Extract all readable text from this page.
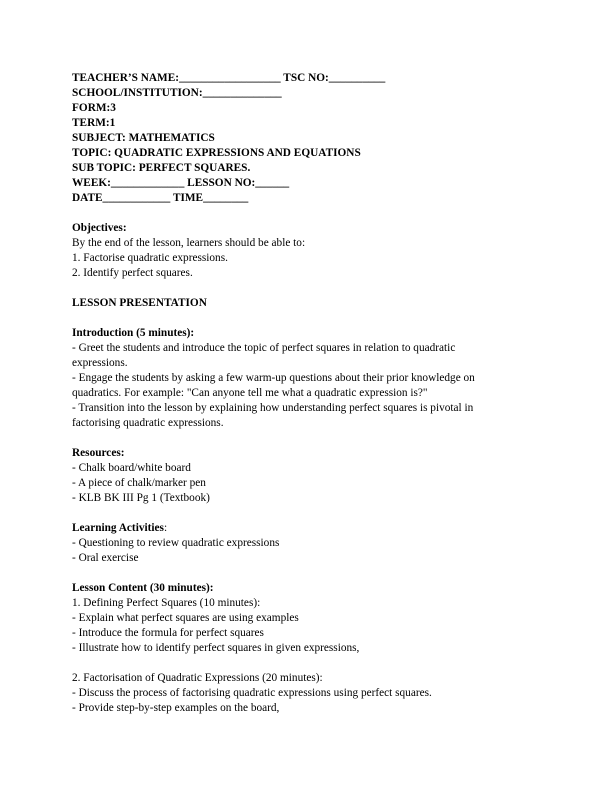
TEACHER’S NAME:__________________ TSC NO:__________
SCHOOL/INSTITUTION:______________
FORM:3
TERM:1
SUBJECT: MATHEMATICS
TOPIC: QUADRATIC EXPRESSIONS AND EQUATIONS
SUB TOPIC: PERFECT SQUARES.
WEEK:_____________ LESSON NO:______
DATE____________ TIME________
Objectives:
By the end of the lesson, learners should be able to:
1. Factorise quadratic expressions.
2. Identify perfect squares.
LESSON PRESENTATION
Introduction (5 minutes):
- Greet the students and introduce the topic of perfect squares in relation to quadratic
expressions.
- Engage the students by asking a few warm-up questions about their prior knowledge on
quadratics. For example: "Can anyone tell me what a quadratic expression is?"
- Transition into the lesson by explaining how understanding perfect squares is pivotal in
factorising quadratic expressions.
Resources:
- Chalk board/white board
- A piece of chalk/marker pen
- KLB BK III Pg 1 (Textbook)
Learning Activities:
- Questioning to review quadratic expressions
- Oral exercise
Lesson Content (30 minutes):
1. Defining Perfect Squares (10 minutes):
- Explain what perfect squares are using examples
- Introduce the formula for perfect squares
- Illustrate how to identify perfect squares in given expressions,
2. Factorisation of Quadratic Expressions (20 minutes):
- Discuss the process of factorising quadratic expressions using perfect squares.
- Provide step-by-step examples on the board,
